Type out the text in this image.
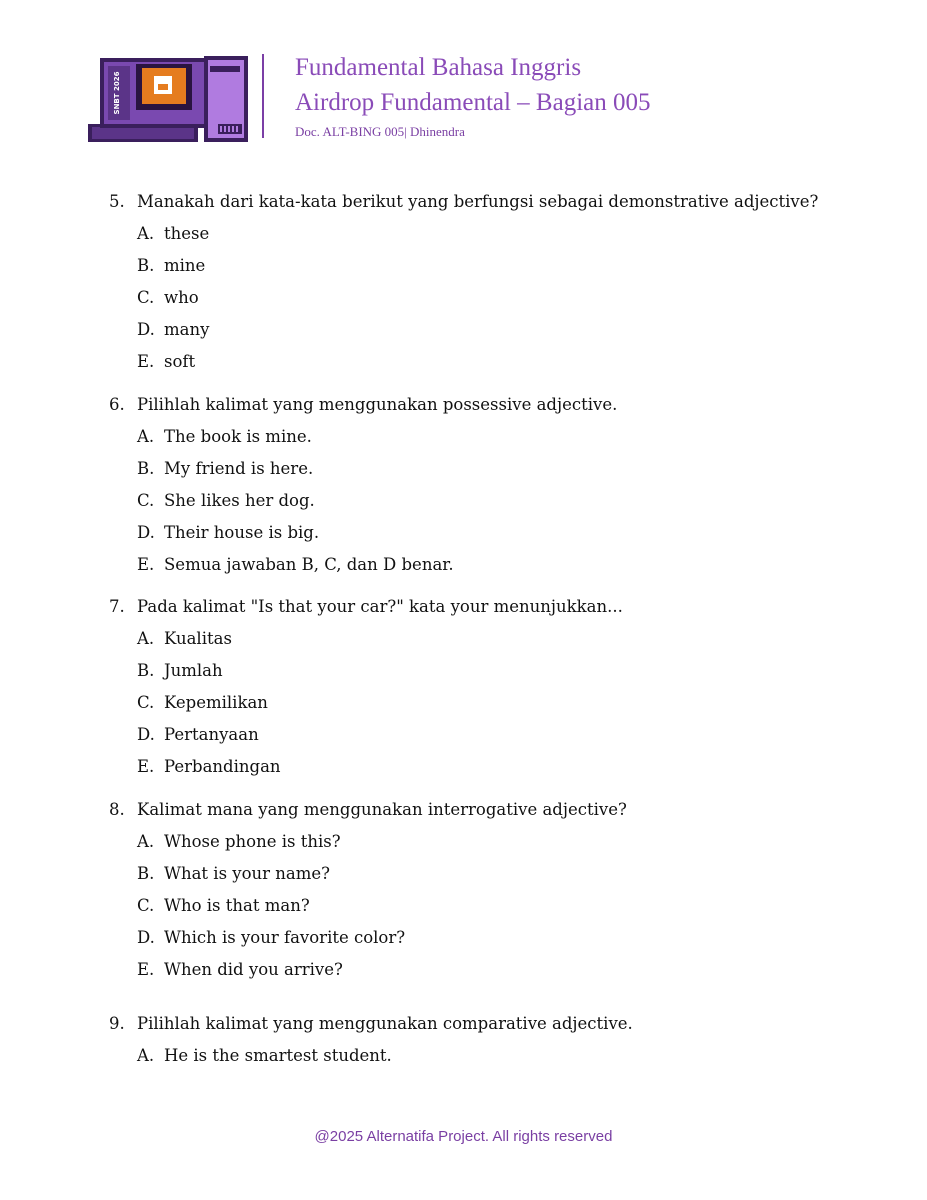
SNBT 2026
Fundamental Bahasa Inggris
Airdrop Fundamental – Bagian 005
Doc. ALT-BING 005| Dhinendra
5. Manakah dari kata-kata berikut yang berfungsi sebagai demonstrative adjective?
A. these
B. mine
C. who
D. many
E. soft
6. Pilihlah kalimat yang menggunakan possessive adjective.
A. The book is mine.
B. My friend is here.
C. She likes her dog.
D. Their house is big.
E. Semua jawaban B, C, dan D benar.
7. Pada kalimat "Is that your car?" kata your menunjukkan...
A. Kualitas
B. Jumlah
C. Kepemilikan
D. Pertanyaan
E. Perbandingan
8. Kalimat mana yang menggunakan interrogative adjective?
A. Whose phone is this?
B. What is your name?
C. Who is that man?
D. Which is your favorite color?
E. When did you arrive?
9. Pilihlah kalimat yang menggunakan comparative adjective.
A. He is the smartest student.
@2025 Alternatifa Project. All rights reserved
